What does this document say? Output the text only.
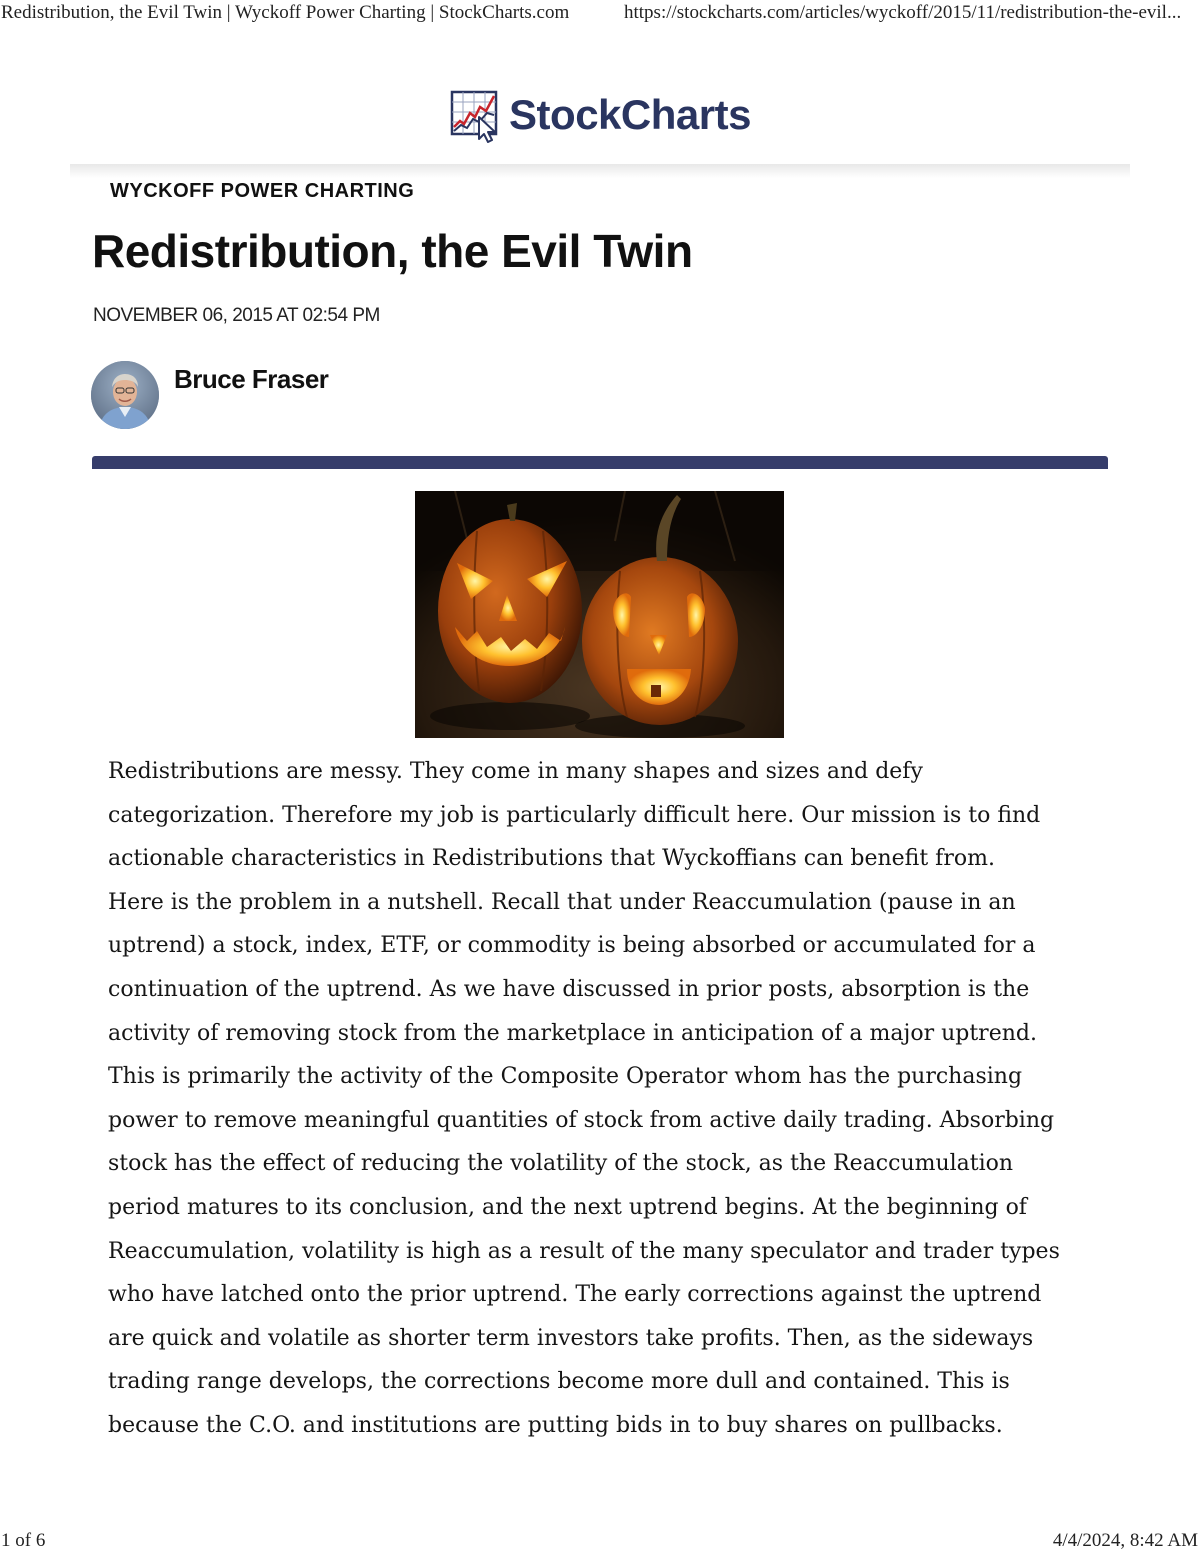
Redistribution, the Evil Twin | Wyckoff Power Charting | StockCharts.com	https://stockcharts.com/articles/wyckoff/2015/11/redistribution-the-evil...
StockCharts
WYCKOFF POWER CHARTING
Redistribution, the Evil Twin
NOVEMBER 06, 2015 AT 02:54 PM
Bruce Fraser
Redistributions are messy. They come in many shapes and sizes and defy
categorization. Therefore my job is particularly difficult here. Our mission is to find
actionable characteristics in Redistributions that Wyckoffians can benefit from.
Here is the problem in a nutshell. Recall that under Reaccumulation (pause in an
uptrend) a stock, index, ETF, or commodity is being absorbed or accumulated for a
continuation of the uptrend. As we have discussed in prior posts, absorption is the
activity of removing stock from the marketplace in anticipation of a major uptrend.
This is primarily the activity of the Composite Operator whom has the purchasing
power to remove meaningful quantities of stock from active daily trading. Absorbing
stock has the effect of reducing the volatility of the stock, as the Reaccumulation
period matures to its conclusion, and the next uptrend begins. At the beginning of
Reaccumulation, volatility is high as a result of the many speculator and trader types
who have latched onto the prior uptrend. The early corrections against the uptrend
are quick and volatile as shorter term investors take profits. Then, as the sideways
trading range develops, the corrections become more dull and contained. This is
because the C.O. and institutions are putting bids in to buy shares on pullbacks.
1 of 6	4/4/2024, 8:42 AM
